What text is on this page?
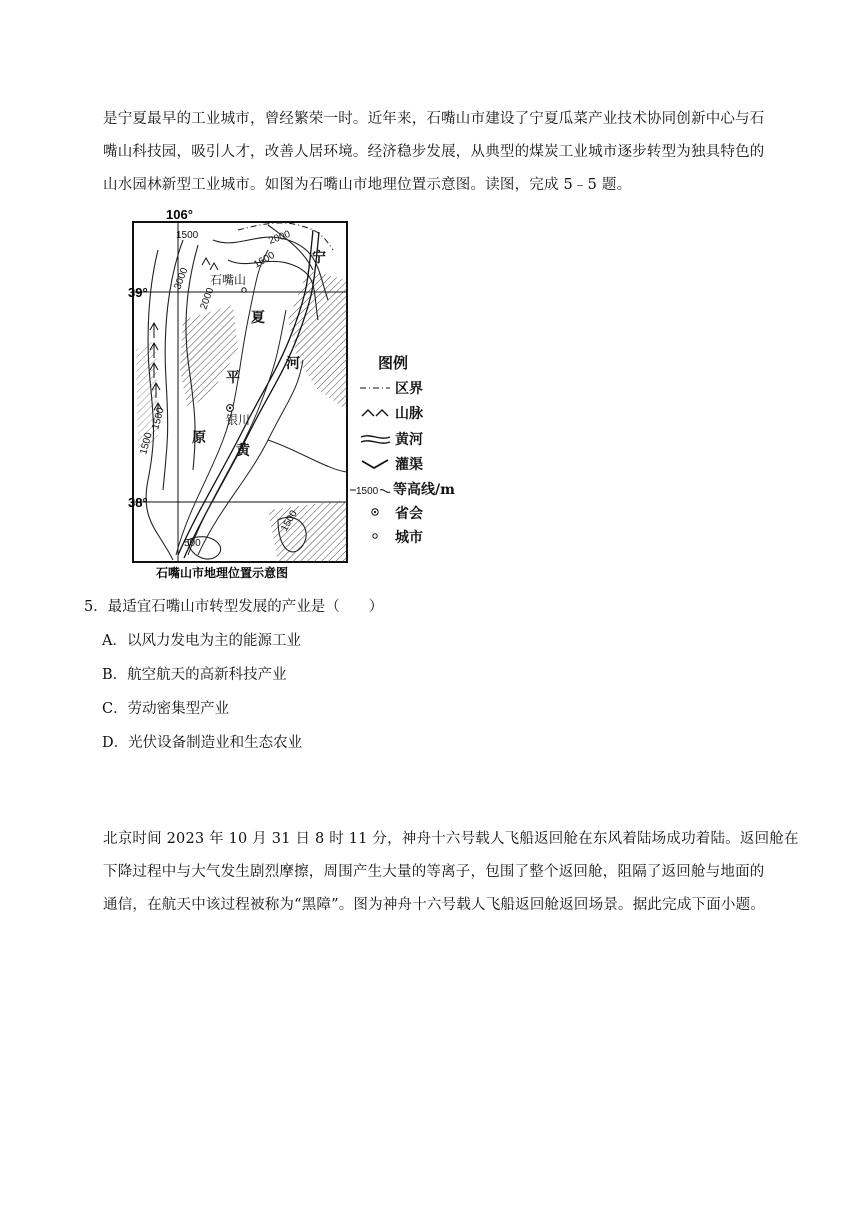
是宁夏最早的工业城市，曾经繁荣一时。近年来，石嘴山市建设了宁夏瓜菜产业技术协同创新中心与石
嘴山科技园，吸引人才，改善人居环境。经济稳步发展，从典型的煤炭工业城市逐步转型为独具特色的
山水园林新型工业城市。如图为石嘴山市地理位置示意图。读图，完成 5﹣5 题。
106°
39°
38°
1500	2000
1600
3000
2000
1500
1500
1500
500
石嘴山
宁
夏
平
原
银川
黄
河	图例
区界
山脉
黄河
灌渠
1500 等高线/m
省会
城市
石嘴山市地理位置示意图
5．最适宜石嘴山市转型发展的产业是（　　）
A．以风力发电为主的能源工业
B．航空航天的高新科技产业
C．劳动密集型产业
D．光伏设备制造业和生态农业
北京时间 2023 年 10 月 31 日 8 时 11 分，神舟十六号载人飞船返回舱在东风着陆场成功着陆。返回舱在
下降过程中与大气发生剧烈摩擦，周围产生大量的等离子，包围了整个返回舱，阻隔了返回舱与地面的
通信，在航天中该过程被称为“黑障”。图为神舟十六号载人飞船返回舱返回场景。据此完成下面小题。
